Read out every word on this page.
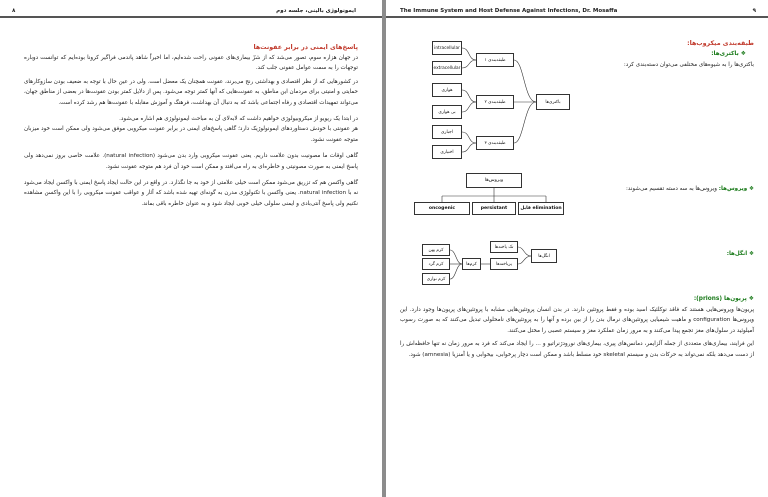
۸	ایمونولوژی بالینی، جلسه دوم
پاسخ‌های ایمنی در برابر عفونت‌ها

در جهان هزاره سوم، تصور می‌شد که از شرّ بیماری‌های عفونی راحت شده‌ایم، اما اخیراً شاهد پاندمی فراگیر کرونا بوده‌ایم که توانست دوباره توجهات را به سمت عوامل عفونی جلب کند.

در کشورهایی که از نظر اقتصادی و بهداشتی رنج می‌برند، عفونت همچنان یک معضل است. ولی در عین حال با توجه به ضعیف بودن سازوکارهای حمایتی و امنیتی برای مردمان این مناطق، به عفونت‌هایی که آنها کمتر توجه می‌شود. پس از دلایل کمتر بودن عفونت‌ها در بعضی از مناطق جهان، می‌تواند تمهیدات اقتصادی و رفاه اجتماعی باشد که به دنبال آن بهداشت، فرهنگ و آموزش مقابله با عفونت‌ها هم رشد کرده است.

در ابتدا یک ریویو از میکروبیولوژی خواهیم داشت که لابه‌لای آن به مباحث ایمونولوژی هم اشاره می‌شود.

هر عفونتی با خودش دستاوردهای ایمونولوژیک دارد؛ گاهی پاسخ‌های ایمنی در برابر عفونت میکروبی موفق می‌شود ولی ممکن است خود میزبان متوجه عفونت نشود.

گاهی اوقات ما مصونیت بدون علامت داریم. یعنی عفونت میکروبی وارد بدن می‌شود (natural infection). علامت خاصی بروز نمی‌دهد ولی پاسخ ایمنی به صورت مصونیتی و خاطره‌ای به راه می‌افتد و ممکن است خود آن فرد هم متوجه عفونت نشود.

گاهی واکسن هم که تزریق می‌شود ممکن است خیلی علامتی از خود به جا نگذارد. در واقع در این حالت ایجاد پاسخ ایمنی با واکسن ایجاد می‌شود نه با natural infection. یعنی واکسن با تکنولوژی مدرن به گونه‌ای تهیه شده باشد که آثار و عواقب عفونت میکروبی را با این واکسن مشاهده نکنیم ولی پاسخ آنتی‌بادی و ایمنی سلولی خیلی خوبی ایجاد شود و به عنوان خاطره باقی بماند.

The Immune System and Host Defense Against Infections, Dr. Mosaffa	۹
طبقه‌بندی میکروب‌ها:
❖ باکتری‌ها:

باکتری‌ها را به شیوه‌های مختلفی می‌توان دسته‌بندی کرد:

باکتری‌ها
طبقه‌بندی ۱
طبقه‌بندی ۲
طبقه‌بندی ۳
intracellular
extracellular
هوازی
بی هوازی
اجباری
اختیاری
❖ ویروس‌ها: ویروس‌ها به سه دسته تقسیم می‌شوند:
ویروس‌ها
oncogenic	persistant	قابل elimination
❖ انگل‌ها:
انگل‌ها
تک یاخته‌ها
پریاخته‌ها
کرم‌ها
کرم پهن
کرم گرد
کرم نواری
❖ پریون‌ها (prions):

پریون‌ها ویروس‌هایی هستند که فاقد نوکلئیک اسید بوده و فقط پروتئین دارند. در بدن انسان پروتئین‌هایی مشابه با پروتئین‌های پریون‌ها وجود دارد. این ویروس‌ها configuration و ماهیت شیمیایی پروتئین‌های نرمال بدن را از بین برده و آنها را به پروتئین‌های نامحلولی تبدیل می‌کنند که به صورت رسوب آمیلوئید در سلول‌های مغز تجمع پیدا می‌کنند و به مرور زمان عملکرد مغز و سیستم عصبی را مختل می‌کنند.

این فرایند، بیماری‌های متعددی از جمله آلزایمر، دمانس‌های پیری، بیماری‌های نورودژنراتیو و ... را ایجاد می‌کند که فرد به مرور زمان نه تنها حافظه‌اش را از دست می‌دهد بلکه نمی‌تواند به حرکات بدن و سیستم skeletal خود مسلط باشد و ممکن است دچار پرخوابی، بیخوابی و یا آمنزیا (amnesia) شود.
